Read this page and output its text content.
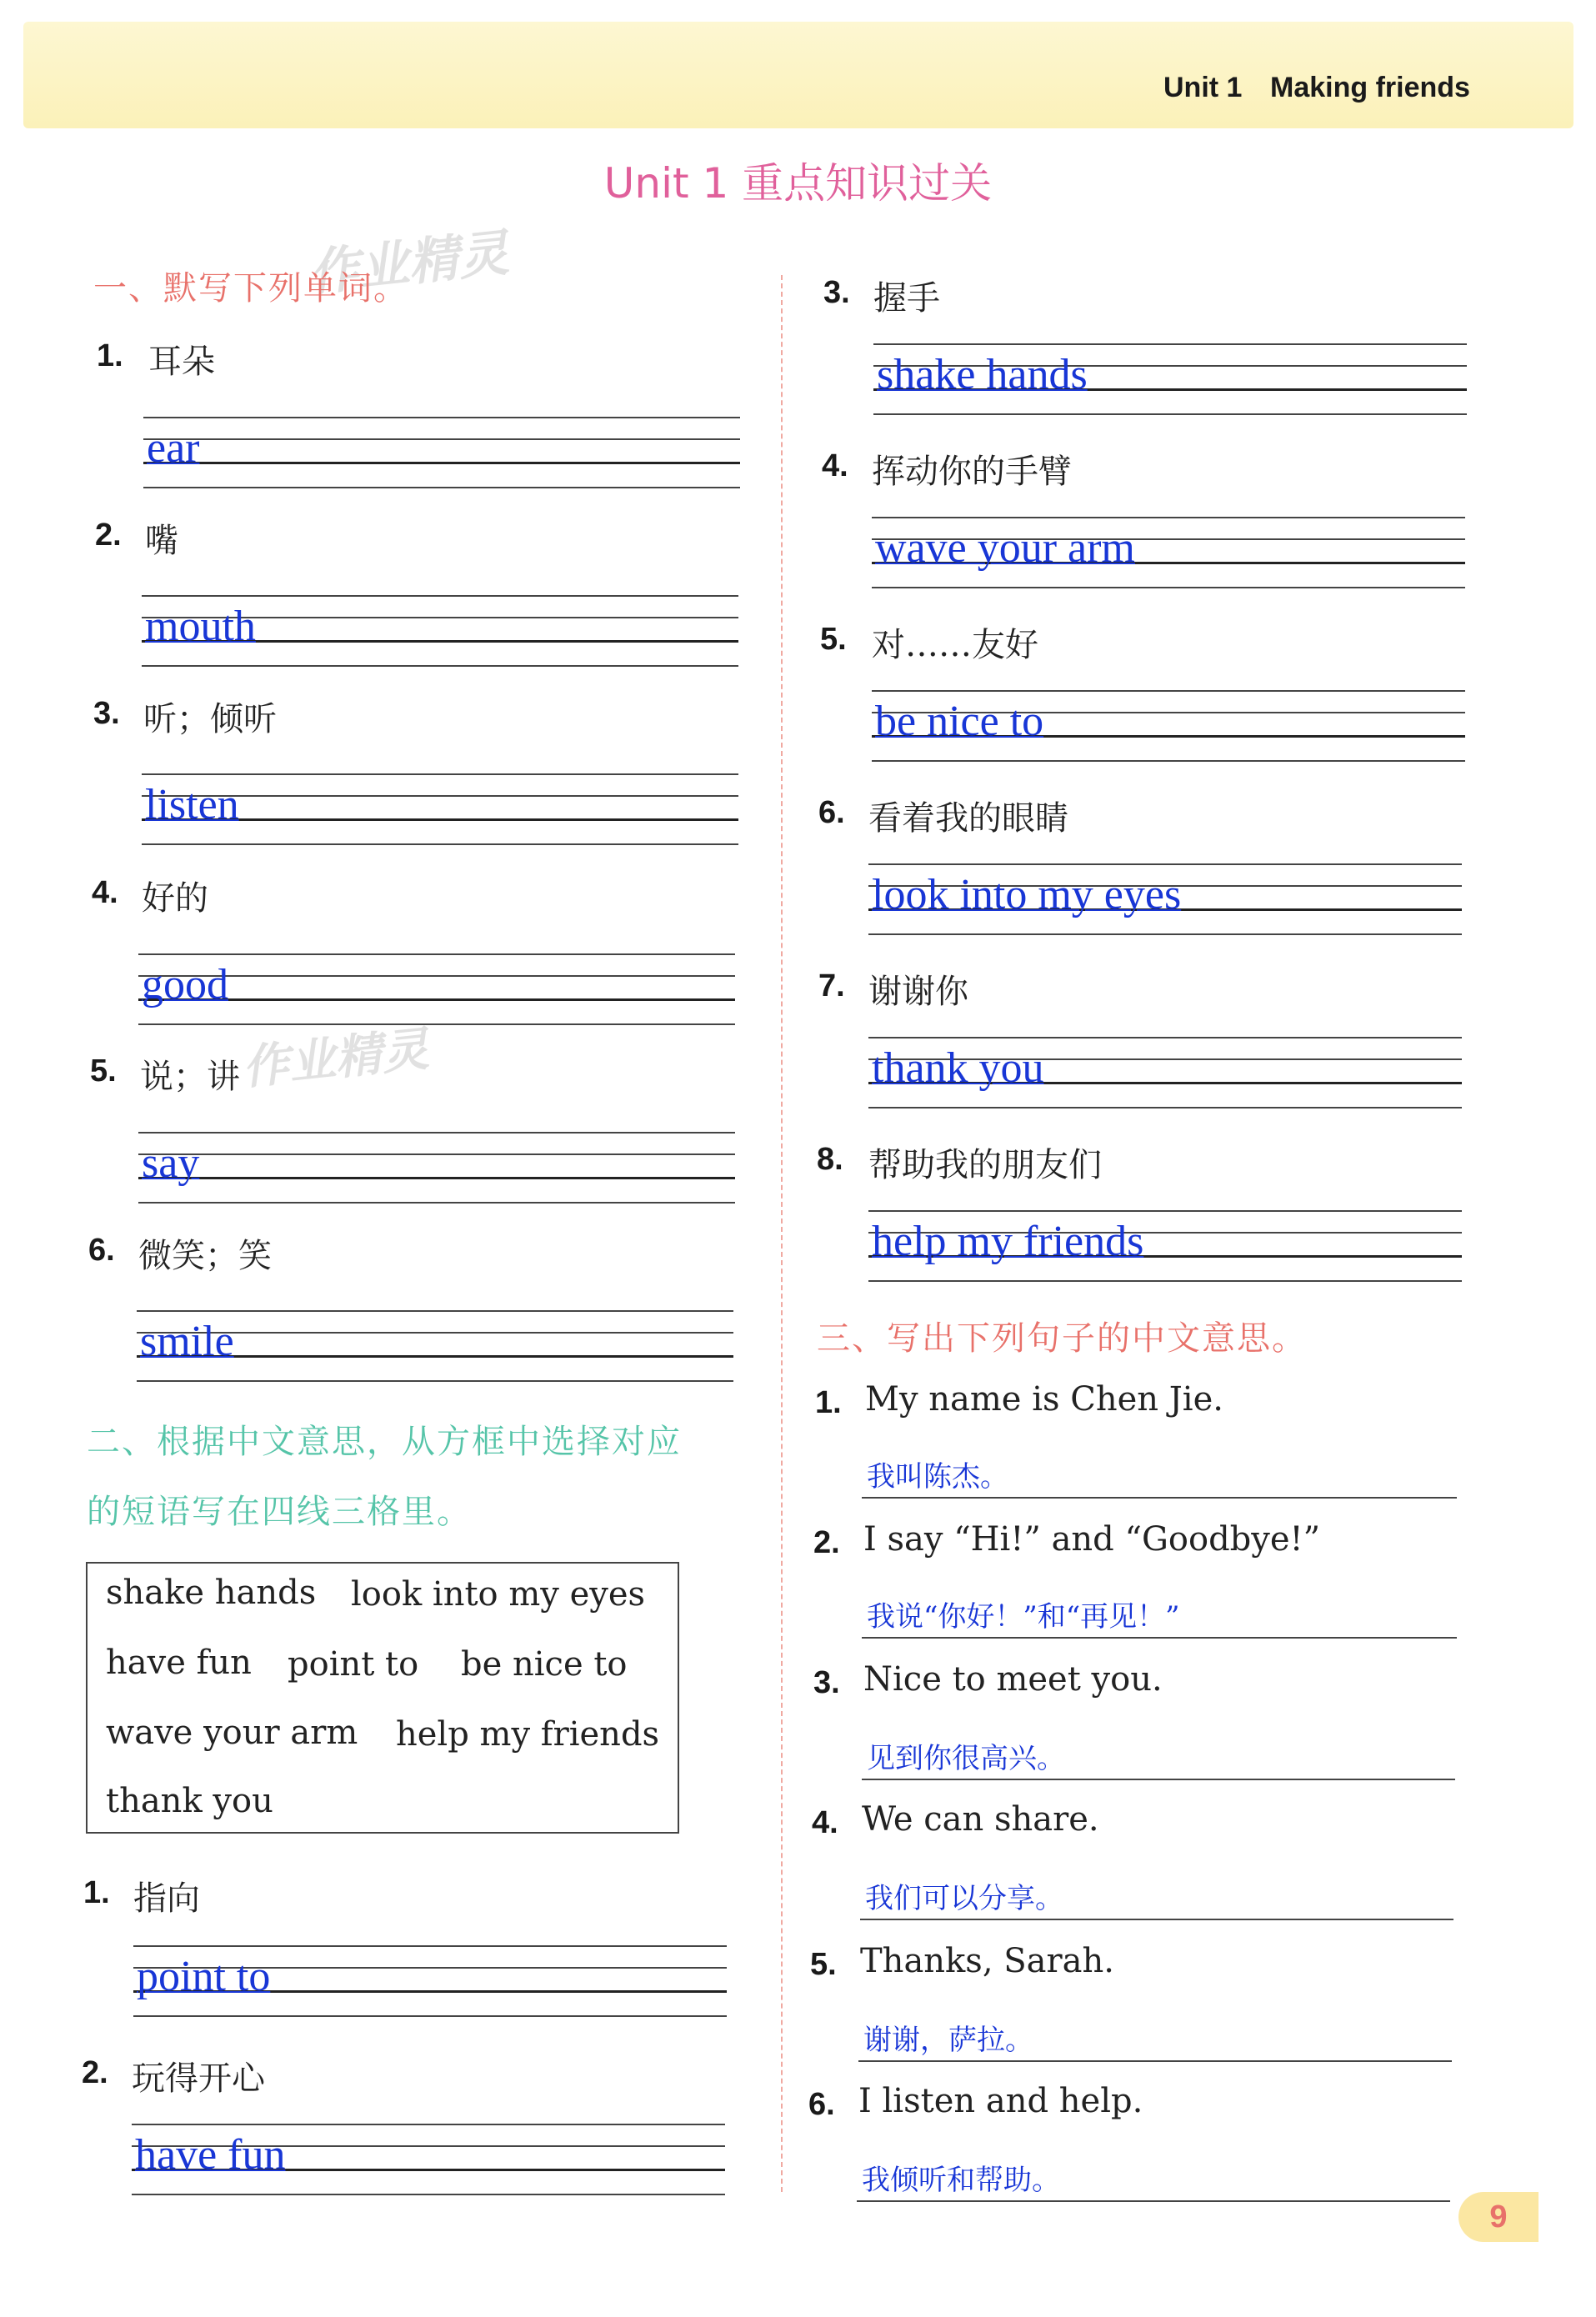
Unit 1 Making friends
Unit 1 重点知识过关
作业精灵
作业精灵
一、默写下列单词。
1. 耳朵
ear
2. 嘴
mouth
3. 听；倾听
listen
4. 好的
good
5. 说；讲
say
6. 微笑；笑
smile
二、根据中文意思，从方框中选择对应
的短语写在四线三格里。
shake hands look into my eyes
have fun point to be nice to
wave your arm help my friends
thank you
1. 指向
point to
2. 玩得开心
have fun
3. 握手
shake hands
4. 挥动你的手臂
wave your arm
5. 对……友好
be nice to
6. 看着我的眼睛
look into my eyes
7. 谢谢你
thank you
8. 帮助我的朋友们
help my friends
三、写出下列句子的中文意思。
1. My name is Chen Jie.
我叫陈杰。
2. I say “Hi!” and “Goodbye!”
我说“你好！”和“再见！”
3. Nice to meet you.
见到你很高兴。
4. We can share.
我们可以分享。
5. Thanks, Sarah.
谢谢，萨拉。
6. I listen and help.
我倾听和帮助。
9
